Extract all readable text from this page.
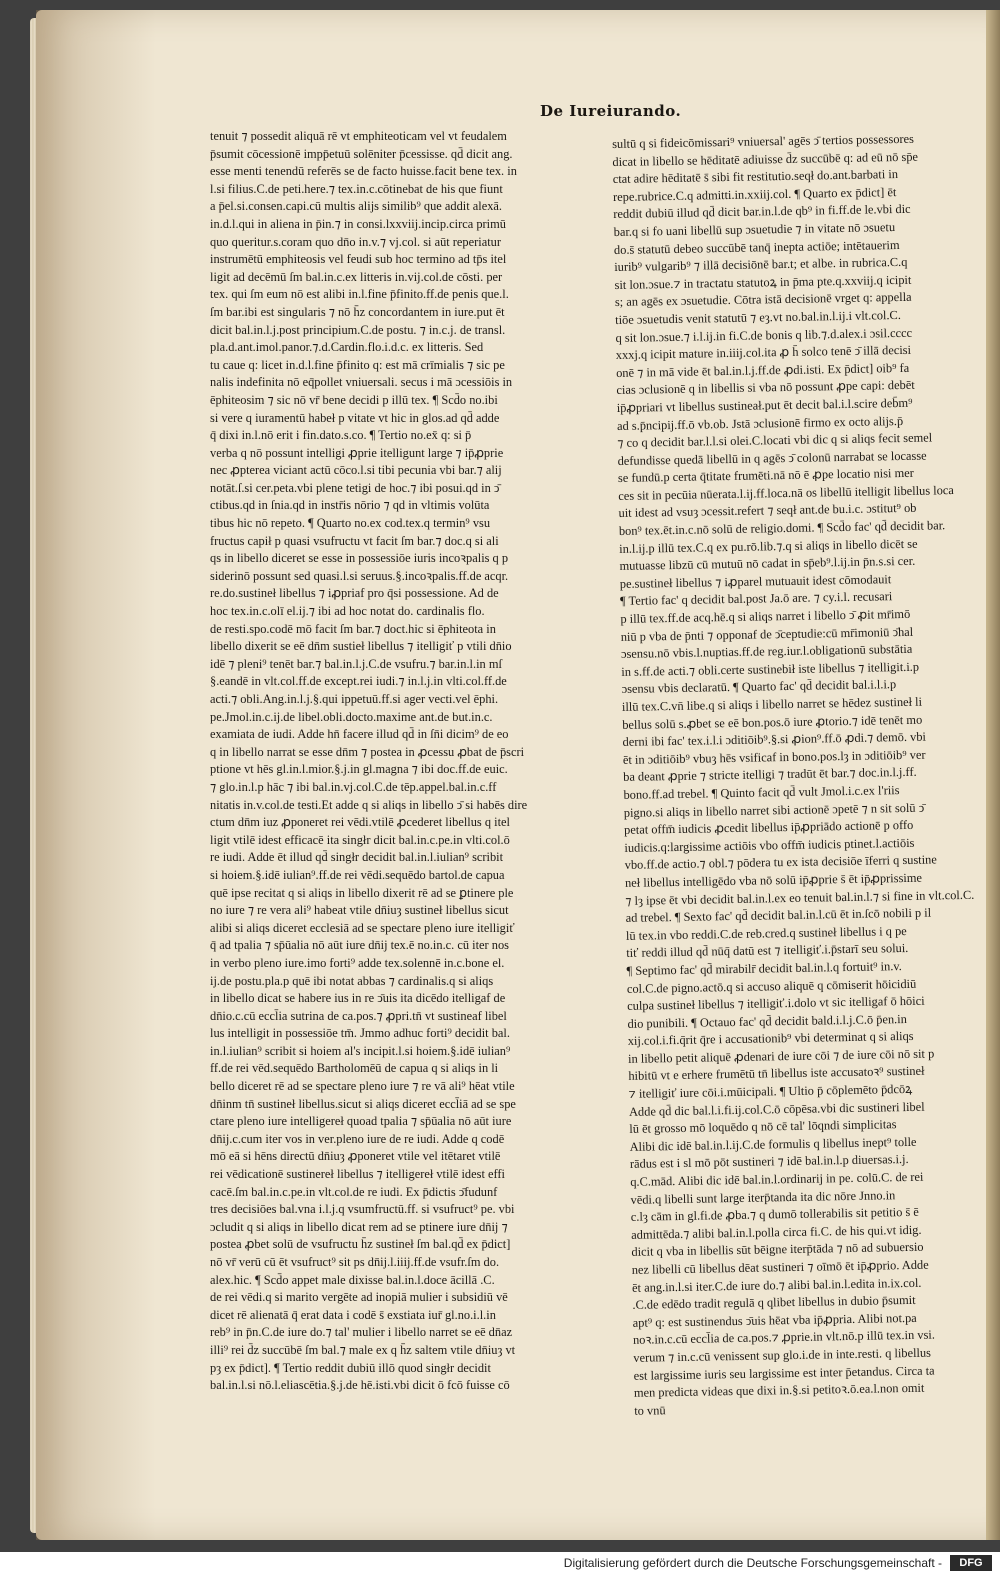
De Iureiurando.
tenuit ⁊ possedit aliquā rē vt emphiteoticam vel vt feudalem
p̄sumit cōcessionē impp̄etuū solēniter p̄cessisse. qd̄ dicit ang.
esse menti tenendū referēs se de facto huisse.facit bene tex. in
l.si filius.C.de peti.here.⁊ tex.in.c.cōtinebat de his que fiunt
a p̄el.si.consen.capi.cū multis alijs similib⁹ que addit alexā.
in.d.l.qui in aliena in p̄in.⁊ in consi.lxxviij.incip.circa primū
quo queritur.s.coram quo dn̄o in.v.⁊ vj.col. si aūt reperiatur
instrumētū emphiteosis vel feudi sub hoc termino ad tp̄s itel
ligit ad decēmū ſm bal.in.c.ex litteris in.vij.col.de cōsti. per
tex. qui ſm eum nō est alibi in.l.fine p̄finito.ff.de penis que.l.
ſm bar.ibi est singularis ⁊ nō h̄z concordantem in iure.put ēt
dicit bal.in.l.j.post principium.C.de postu. ⁊ in.c.j. de transl.
pla.d.ant.imol.panor.⁊.d.Cardin.flo.i.d.c. ex litteris. Sed
tu caue q: licet in.d.l.fine p̄finito q: est mā crīmialis ⁊ sic pe
nalis indefinita nō eq̄pollet vniuersali. secus i mā ɔcessiōis in
ēphiteosim ⁊ sic nō vr̄ bene decidi p illū tex. ¶ Scd̄o no.ibi
si vere q iuramentū habeł p vitate vt hic in glos.ad qd̄ adde
q̄ dixi in.l.nō erit i fin.dato.s.co. ¶ Tertio no.ex̄ q: si p̄
verba q nō possunt intelligi ꝓprie itelligunt large ⁊ ip̄ꝓprie
nec ꝓpterea viciant actū cōco.l.si tibi pecunia vbi bar.⁊ alij
notāt.ſ.si cer.peta.vbi plene tetigi de hoc.⁊ ibi posui.qd in ↄ̄
ctibus.qd in ſnia.qd in instr̄is nōrio ⁊ qd in vltimis volūta
tibus hic nō repeto. ¶ Quarto no.ex cod.tex.q termin⁹ vsu
fructus capił p quasi vsufructu vt facit ſm bar.⁊ doc.q si ali
qs in libello diceret se esse in possessiōe iuris incoꝛpalis q p
siderinō possunt sed quasi.l.si seruus.§.incoꝛpalis.ff.de acqr.
re.do.sustineł libellus ⁊ iꝓpriaf pro q̄si possessione. Ad de
hoc tex.in.c.olī el.ij.⁊ ibi ad hoc notat do. cardinalis flo.
de resti.spo.codē mō facit ſm bar.⁊ doct.hic si ēphiteota in
libello dixerit se eē dn̄m sustieł libellus ⁊ itelligiť p vtili dn̄io
idē ⁊ pleni⁹ tenēt bar.⁊ bal.in.l.j.C.de vsufru.⁊ bar.in.l.in mſ
§.eandē in vlt.col.ff.de except.rei iudi.⁊ in.l.j.in vlti.col.ff.de
acti.⁊ obli.Ang.in.l.j.§.qui ippetuū.ff.si ager vecti.vel ēphi.
pe.Jmol.in.c.ij.de libel.obli.docto.maxime ant.de but.in.c.
examiata de iudi. Adde hn̄ facere illud qd̄ in ſn̄i dicim⁹ de eo
q in libello narrat se esse dn̄m ⁊ postea in ꝓcessu ꝓbat de p̄scri
ptione vt hēs gl.in.l.mior.§.j.in gl.magna ⁊ ibi doc.ff.de euic.
⁊ glo.in.l.p hāc ⁊ ibi bal.in.vj.col.C.de tēp.appel.bal.in.c.ff
nitatis in.v.col.de testi.Et adde q si aliqs in libello ↄ̄ si habēs dire
ctum dn̄m iuz ꝓponeret rei vēdi.vtilē ꝓcederet libellus q itel
ligit vtilē idest efficacē ita singłr dicit bal.in.c.pe.in vlti.col.ō
re iudi. Adde ēt illud qd̄ singłr decidit bal.in.l.iulian⁹ scribit
si hoiem.§.idē iulian⁹.ff.de rei vēdi.sequēdo bartol.de capua
quē ipse recitat q si aliqs in libello dixerit rē ad se ꝑtinere ple
no iure ⁊ re vera ali⁹ habeat vtile dn̄iuȝ sustineł libellus sicut
alibi si aliqs diceret ecclesiā ad se spectare pleno iure itelligiť
q̄ ad tpalia ⁊ sp̄ūalia nō aūt iure dn̄ij tex.ē no.in.c. cū iter nos
in verbo pleno iure.imo forti⁹ adde tex.solennē in.c.bone el.
ij.de postu.pla.p quē ibi notat abbas ⁊ cardinalis.q si aliqs
in libello dicat se habere ius in re ↄ̄uis ita dicēdo itelligaf de
dn̄io.c.cū eccl̄ia sutrina de ca.pos.⁊ ꝓpri.tn̄ vt sustineaf libel
lus intelligit in possessiōe tm̄. Jmmo adhuc forti⁹ decidit bal.
in.l.iulian⁹ scribit si hoiem al's incipit.l.si hoiem.§.idē iulian⁹
ff.de rei vēd.sequēdo Bartholomēū de capua q si aliqs in li
bello diceret rē ad se spectare pleno iure ⁊ re vā ali⁹ hēat vtile
dn̄inm tn̄ sustineł libellus.sicut si aliqs diceret eccl̄iā ad se spe
ctare pleno iure intelligereł quoad tpalia ⁊ sp̄ūalia nō aūt iure
dn̄ij.c.cum iter vos in ver.pleno iure de re iudi. Adde q codē
mō eā si hēns directū dn̄iuȝ ꝓponeret vtile vel itētaret vtilē
rei vēdicationē sustinereł libellus ⁊ itelligereł vtilē idest effi
cacē.ſm bal.in.c.pe.in vlt.col.de re iudi. Ex p̄dictis ↄ̄fudunf
tres decisiōes bal.vna i.l.j.q vsumfructū.ff. si vsufruct⁹ pe. vbi
ɔcludit q si aliqs in libello dicat rem ad se ptinere iure dn̄ij ⁊
postea ꝓbet solū de vsufructu h̄z sustineł ſm bal.qd̄ ex p̄dict]
nō vr̄ verū cū ēt vsufruct⁹ sit ps dn̄ij.l.iiij.ff.de vsufr.ſm do.
alex.hic. ¶ Scd̄o appet male dixisse bal.in.l.doce ācillā .C.
de rei vēdi.q si marito vergēte ad inopiā mulier i subsidiū vē
dicet rē alienatā q̄ erat data i codē s̄ exstiata iur̄ gl.no.i.l.in
reb⁹ in p̄n.C.de iure do.⁊ tal' mulier i libello narret se eē dn̄az
illi⁹ rei d̄z succūbē ſm bal.⁊ male ex q h̄z saltem vtile dn̄iuȝ vt
pȝ ex p̄dict]. ¶ Tertio reddit dubiū illō quod singłr decidit
bal.in.l.si nō.l.eliascētia.§.j.de hē.isti.vbi dicit ō fcō fuisse cō
sultū q si fideicōmissari⁹ vniuersal' agēs ↄ̄ tertios possessores
dicat in libello se hēditatē adiuisse d̄z succūbē q: ad eū nō sp̄e
ctat adire hēditatē s̄ sibi fit restitutio.seqł do.ant.barbati in
repe.rubrice.C.q admitti.in.xxiij.col. ¶ Quarto ex p̄dict] ēt
reddit dubiū illud qd̄ dicit bar.in.l.de qb⁹ in fi.ff.de le.vbi dic
bar.q si fo uani libellū sup ɔsuetudie ⁊ in vitate nō ɔsuetu
do.s̄ statutū debeo succūbē tanq̄ inepta actiōe; intētauerim
iurib⁹ vulgarib⁹ ⁊ illā decisiōnē bar.t; et albe. in rubrica.C.q
sit lon.ɔsue.⁊ in tractatu statutoꝝ in p̄ma pte.q.xxviij.q icipit
s; an agēs ex ɔsuetudie. Cōtra istā decisionē vrget q: appella
tiōe ɔsuetudis venit statutū ⁊ eȝ.vt no.bal.in.l.ij.i vlt.col.C.
q sit lon.ɔsue.⁊ i.l.ij.in fi.C.de bonis q lib.⁊.d.alex.i ɔsil.cccc
xxxj.q icipit mature in.iiij.col.ita ꝓ h̄ solco tenē ↄ̄ illā decisi
onē ⁊ in mā vide ēt bal.in.l.j.ff.de ꝓdi.isti. Ex p̄dict] oib⁹ fa
cias ɔclusionē q in libellis si vba nō possunt ꝓpe capi: debēt
ip̄ꝓpriari vt libellus sustineał.put ēt decit bal.i.l.scire deb̄m⁹
ad s.p̄ncipij.ff.ō vb.ob. Jstā ɔclusionē firmo ex octo alijs.p̄
⁊ co q decidit bar.l.l.si olei.C.locati vbi dic q si aliqs fecit semel
defundisse quedā libellū in q agēs ↄ̄ colonū narrabat se locasse
se fundū.p certa q̄titate frumēti.nā nō ē ꝓpe locatio nisi mer
ces sit in pecūia nūerata.l.ij.ff.loca.nā os libellū itelligit libellus loca
uit idest ad vsuȝ ɔcessit.refert ⁊ seqł ant.de bu.i.c. ɔstitut⁹ ob
bon⁹ tex.ēt.in.c.nō solū de religio.domi. ¶ Scd̄o fac' qd̄ decidit bar.
in.l.ij.p illū tex.C.q ex pu.rō.lib.⁊.q si aliqs in libello dicēt se
mutuasse libzū cū mutuū nō cadat in sp̄eb⁹.l.ij.in p̄n.s.si cer.
pe.sustineł libellus ⁊ iꝓparel mutuauit idest cōmodauit
¶ Tertio fac' q decidit bal.post Ja.ō are. ⁊ cy.i.l. recusari
p illū tex.ff.de acq.hē.q si aliqs narret i libello ↄ̄ ꝓit mr̄imō
niū p vba de p̄nti ⁊ opponaf de ↄ̄ceptudie:cū mr̄imoniū ↄ̄hal
ɔsensu.nō vbis.l.nuptias.ff.de reg.iur.l.obligationū substātia
in s.ff.de acti.⁊ obli.certe sustinebił iste libellus ⁊ itelligit.i.p
ɔsensu vbis declaratū. ¶ Quarto fac' qd̄ decidit bal.i.l.i.p
illū tex.C.vn̄ libe.q si aliqs i libello narret se hēdez sustineł li
bellus solū s.ꝓbet se eē bon.pos.ō iure ꝓtorio.⁊ idē tenēt mo
derni ibi fac' tex.i.l.i ɔditiōib⁹.§.si ꝓion⁹.ff.ō ꝓdi.⁊ demō. vbi
ēt in ɔditiōib⁹ vbuȝ hēs vsificaf in bono.pos.lȝ in ɔditiōib⁹ ver
ba deant ꝓprie ⁊ stricte itelligi ⁊ tradūt ēt bar.⁊ doc.in.l.j.ff.
bono.ff.ad trebel. ¶ Quinto facit qd̄ vult Jmol.i.c.ex l'riis
pigno.si aliqs in libello narret sibi actionē ɔpetē ⁊ n sit solū ↄ̄
petat offm̄ iudicis ꝓcedit libellus ip̄ꝓpriādo actionē p offo
iudicis.q:largissime actiōis vbo offm̄ iudicis ptinet.l.actiōis
vbo.ff.de actio.⁊ obl.⁊ pōdera tu ex ista decisiōe īferri q sustine
neł libellus intelligēdo vba nō solū ip̄ꝓprie s̄ ēt ip̄ꝓprissime
⁊ lȝ ipse ēt vbi decidit bal.in.l.ex eo tenuit bal.in.l.⁊ si fine in vlt.col.C.
ad trebel. ¶ Sexto fac' qd̄ decidit bal.in.l.cū ēt in.ſcō nobili p il
lū tex.in vbo reddi.C.de reb.cred.q sustineł libellus i q pe
tiť reddi illud qd̄ nūq̄ datū est ⁊ itelligiť.i.p̄starī seu solui.
¶ Septimo fac' qd̄ mirabilr̄ decidit bal.in.l.q fortuit⁹ in.v.
col.C.de pigno.actō.q si accuso aliquē q cōmiserit hōicidiū
culpa sustineł libellus ⁊ itelligiť.i.dolo vt sic itelligaf ō hōici
dio punibili. ¶ Octauo fac' qd̄ decidit bald.i.l.j.C.ō p̄en.in
xij.col.i.fi.q̄rit q̄re i accusationib⁹ vbi determinat q si aliqs
in libello petit aliquē ꝓdenari de iure cōi ⁊ de iure cōi nō sit p
hibitū vt e erhere frumētū tn̄ libellus iste accusatoꝛ⁹ sustineł
⁊ itelligiť iure cōi.i.mūicipali. ¶ Ultio p̄ cōplemēto p̄dcōꝝ
Adde qd̄ dic bal.l.i.fi.ij.col.C.ō cōpēsa.vbi dic sustineri libel
lū ēt grosso mō loquēdo q nō cē tal' lōqndi simplicitas
Alibi dic idē bal.in.l.ij.C.de formulis q libellus inept⁹ tolle
rādus est i sl mō pōt sustineri ⁊ idē bal.in.l.p diuersas.i.j.
q.C.mād. Alibi dic idē bal.in.l.ordinarij in pe. colū.C. de rei
vēdi.q libelli sunt large iterp̄tanda ita dic nōre Jnno.in
c.lȝ cām in gl.fi.de ꝓba.⁊ q dumō tollerabilis sit petitio s̄ ē
admittēda.⁊ alibi bal.in.l.polla circa fi.C. de his qui.vt idig.
dicit q vba in libellis sūt bēigne iterp̄tāda ⁊ nō ad subuersio
nez libelli cū libellus dēat sustineri ⁊ oīmō ēt ip̄ꝓprio. Adde
ēt ang.in.l.si iter.C.de iure do.⁊ alibi bal.in.l.edita in.ix.col.
.C.de edēdo tradit regulā q qlibet libellus in dubio p̄sumit
apt⁹ q: est sustinendus ↄ̄uis hēat vba ip̄ꝓpria. Alibi not.pa
noꝛ.in.c.cū eccl̄ia de ca.pos.⁊ ꝓprie.in vlt.nō.p illū tex.in vsi.
verum ⁊ in.c.cū venissent sup glo.i.de in inte.resti. q libellus
est largissime iuris seu largissime est inter p̄etandus. Circa ta
men predicta videas que dixi in.§.si petitoꝛ.ō.ea.l.non omit
to vnū
Digitalisierung gefördert durch die Deutsche Forschungsgemeinschaft -	DFG
